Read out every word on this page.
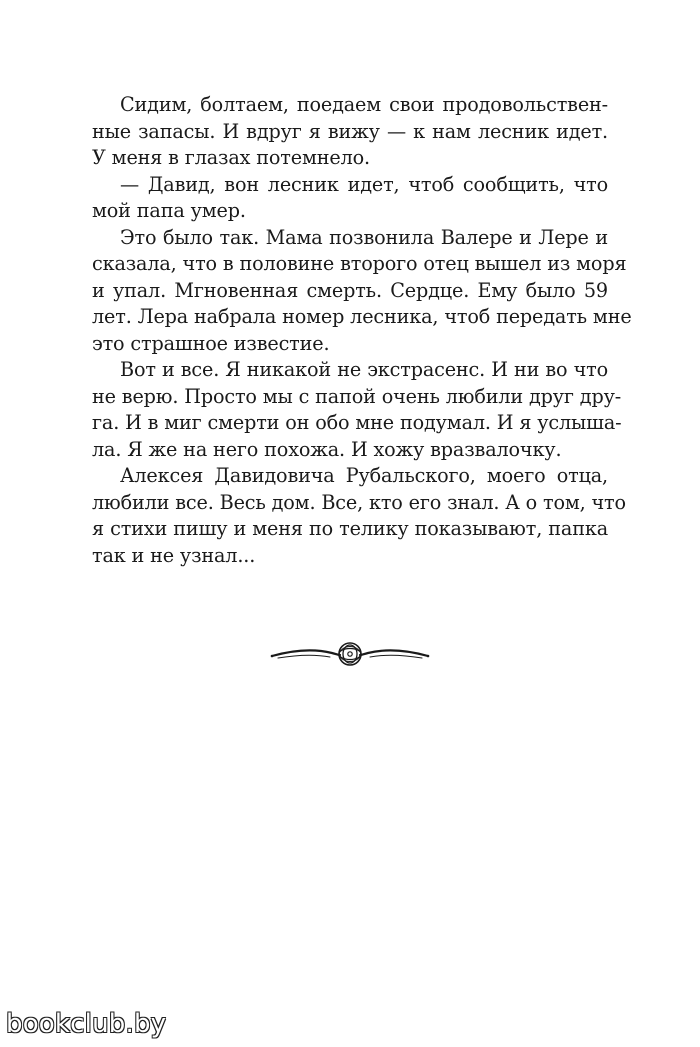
Сидим, болтаем, поедаем свои продовольствен-
ные запасы. И вдруг я вижу — к нам лесник идет.
У меня в глазах потемнело.
— Давид, вон лесник идет, чтоб сообщить, что
мой папа умер.
Это было так. Мама позвонила Валере и Лере и
сказала, что в половине второго отец вышел из моря
и упал. Мгновенная смерть. Сердце. Ему было 59
лет. Лера набрала номер лесника, чтоб передать мне
это страшное известие.
Вот и все. Я никакой не экстрасенс. И ни во что
не верю. Просто мы с папой очень любили друг дру-
га. И в миг смерти он обо мне подумал. И я услыша-
ла. Я же на него похожа. И хожу вразвалочку.
Алексея Давидовича Рубальского, моего отца,
любили все. Весь дом. Все, кто его знал. А о том, что
я стихи пишу и меня по телику показывают, папка
так и не узнал...
bookclub.by
